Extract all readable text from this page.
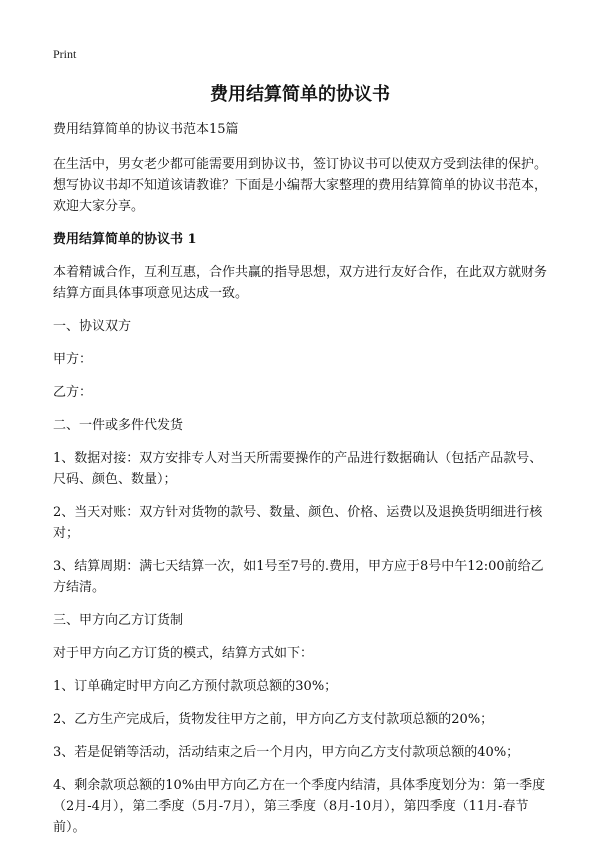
Print
费用结算简单的协议书

费用结算简单的协议书范本15篇

在生活中，男女老少都可能需要用到协议书，签订协议书可以使双方受到法律的保护。想写协议书却不知道该请教谁？下面是小编帮大家整理的费用结算简单的协议书范本，欢迎大家分享。

费用结算简单的协议书 1

本着精诚合作，互利互惠，合作共赢的指导思想，双方进行友好合作，在此双方就财务结算方面具体事项意见达成一致。

一、协议双方

甲方：

乙方：

二、一件或多件代发货

1、数据对接：双方安排专人对当天所需要操作的产品进行数据确认（包括产品款号、尺码、颜色、数量）；

2、当天对账：双方针对货物的款号、数量、颜色、价格、运费以及退换货明细进行核对；

3、结算周期：满七天结算一次，如1号至7号的.费用，甲方应于8号中午12:00前给乙方结清。

三、甲方向乙方订货制

对于甲方向乙方订货的模式，结算方式如下：

1、订单确定时甲方向乙方预付款项总额的30%；

2、乙方生产完成后，货物发往甲方之前，甲方向乙方支付款项总额的20%；

3、若是促销等活动，活动结束之后一个月内，甲方向乙方支付款项总额的40%；

4、剩余款项总额的10%由甲方向乙方在一个季度内结清，具体季度划分为：第一季度（2月-4月），第二季度（5月-7月），第三季度（8月-10月），第四季度（11月-春节前）。
